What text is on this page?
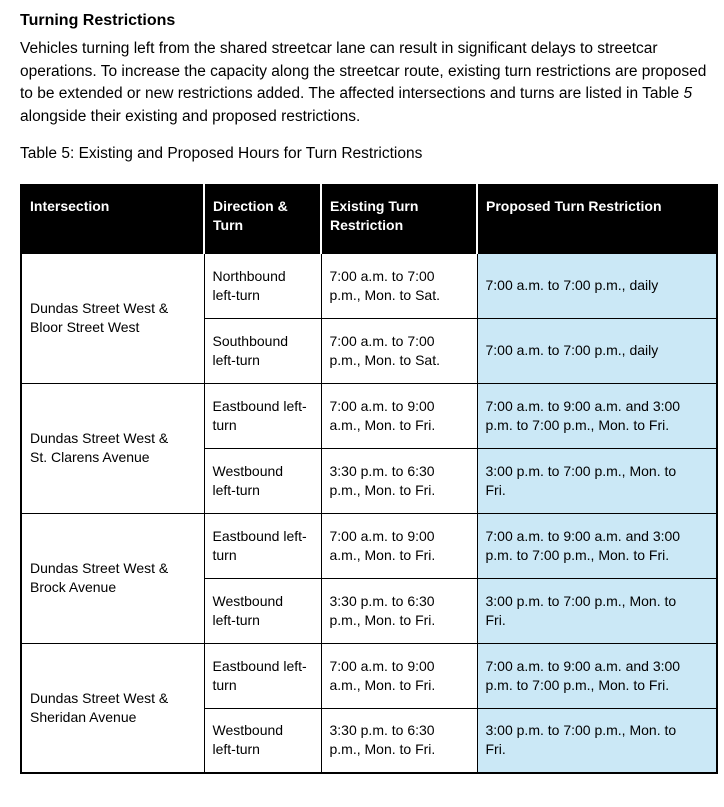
Turning Restrictions

Vehicles turning left from the shared streetcar lane can result in significant delays to streetcar operations. To increase the capacity along the streetcar route, existing turn restrictions are proposed to be extended or new restrictions added. The affected intersections and turns are listed in Table 5 alongside their existing and proposed restrictions.

Table 5: Existing and Proposed Hours for Turn Restrictions

Intersection	Direction & Turn	Existing Turn Restriction	Proposed Turn Restriction
Dundas Street West & Bloor Street West	Northbound left-turn	7:00 a.m. to 7:00 p.m., Mon. to Sat.	7:00 a.m. to 7:00 p.m., daily
	Southbound left-turn	7:00 a.m. to 7:00 p.m., Mon. to Sat.	7:00 a.m. to 7:00 p.m., daily
Dundas Street West & St. Clarens Avenue	Eastbound left-turn	7:00 a.m. to 9:00 a.m., Mon. to Fri.	7:00 a.m. to 9:00 a.m. and 3:00 p.m. to 7:00 p.m., Mon. to Fri.
	Westbound left-turn	3:30 p.m. to 6:30 p.m., Mon. to Fri.	3:00 p.m. to 7:00 p.m., Mon. to Fri.
Dundas Street West & Brock Avenue	Eastbound left-turn	7:00 a.m. to 9:00 a.m., Mon. to Fri.	7:00 a.m. to 9:00 a.m. and 3:00 p.m. to 7:00 p.m., Mon. to Fri.
	Westbound left-turn	3:30 p.m. to 6:30 p.m., Mon. to Fri.	3:00 p.m. to 7:00 p.m., Mon. to Fri.
Dundas Street West & Sheridan Avenue	Eastbound left-turn	7:00 a.m. to 9:00 a.m., Mon. to Fri.	7:00 a.m. to 9:00 a.m. and 3:00 p.m. to 7:00 p.m., Mon. to Fri.
	Westbound left-turn	3:30 p.m. to 6:30 p.m., Mon. to Fri.	3:00 p.m. to 7:00 p.m., Mon. to Fri.
